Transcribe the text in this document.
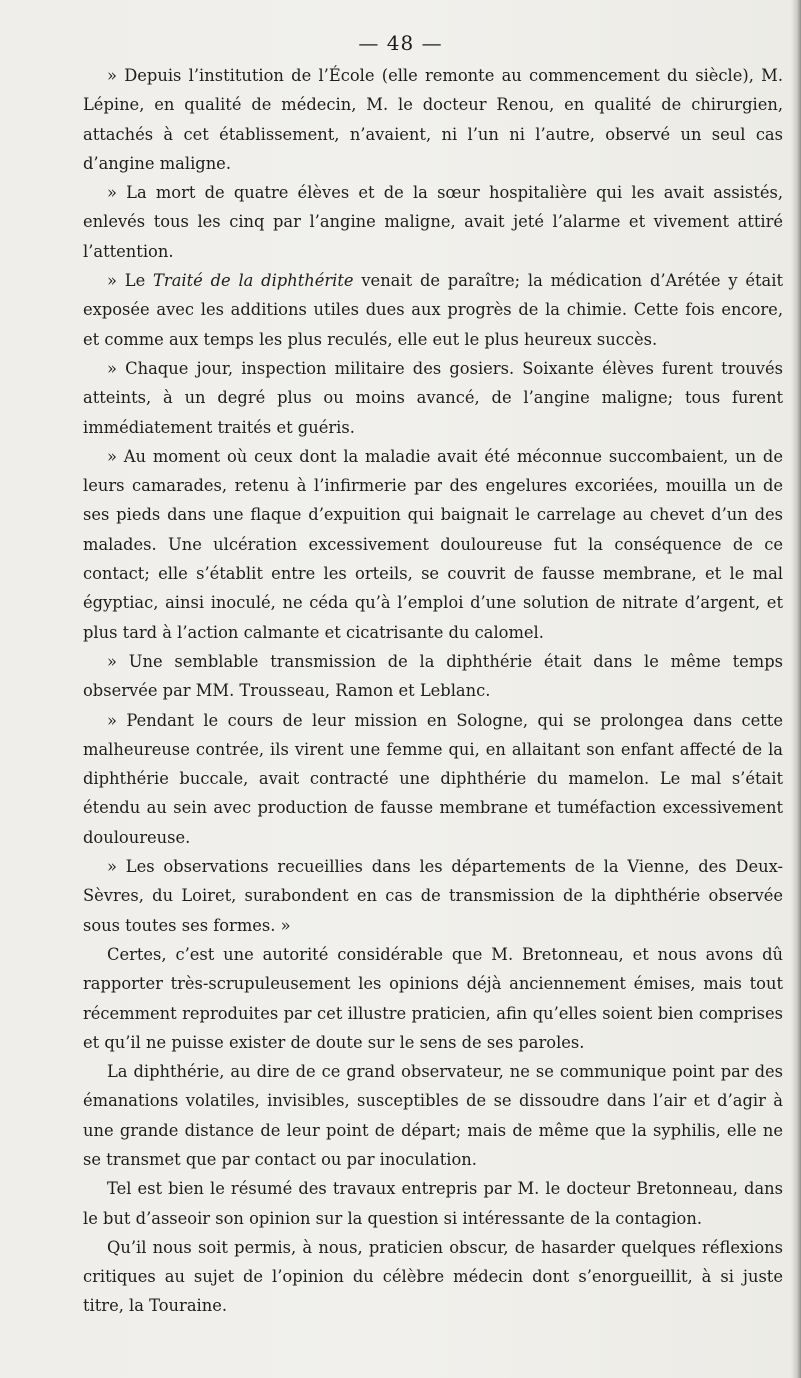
— 48 —

» Depuis l’institution de l’École (elle remonte au commencement du siècle), M. Lépine, en qualité de médecin, M. le docteur Renou, en qualité de chirurgien, attachés à cet établissement, n’avaient, ni l’un ni l’autre, observé un seul cas d’angine maligne.

» La mort de quatre élèves et de la sœur hospitalière qui les avait assistés, enlevés tous les cinq par l’angine maligne, avait jeté l’alarme et vivement attiré l’attention.

» Le Traité de la diphthérite venait de paraître; la médication d’Arétée y était exposée avec les additions utiles dues aux progrès de la chimie. Cette fois encore, et comme aux temps les plus reculés, elle eut le plus heureux succès.

» Chaque jour, inspection militaire des gosiers. Soixante élèves furent trouvés atteints, à un degré plus ou moins avancé, de l’angine maligne; tous furent immédiatement traités et guéris.

» Au moment où ceux dont la maladie avait été méconnue succombaient, un de leurs camarades, retenu à l’infirmerie par des engelures excoriées, mouilla un de ses pieds dans une flaque d’expuition qui baignait le carrelage au chevet d’un des malades. Une ulcération excessivement douloureuse fut la conséquence de ce contact; elle s’établit entre les orteils, se couvrit de fausse membrane, et le mal égyptiac, ainsi inoculé, ne céda qu’à l’emploi d’une solution de nitrate d’argent, et plus tard à l’action calmante et cicatrisante du calomel.

» Une semblable transmission de la diphthérie était dans le même temps observée par MM. Trousseau, Ramon et Leblanc.

» Pendant le cours de leur mission en Sologne, qui se prolongea dans cette malheureuse contrée, ils virent une femme qui, en allaitant son enfant affecté de la diphthérie buccale, avait contracté une diphthérie du mamelon. Le mal s’était étendu au sein avec production de fausse membrane et tuméfaction excessivement douloureuse.

» Les observations recueillies dans les départements de la Vienne, des Deux-Sèvres, du Loiret, surabondent en cas de transmission de la diphthérie observée sous toutes ses formes. »

Certes, c’est une autorité considérable que M. Bretonneau, et nous avons dû rapporter très-scrupuleusement les opinions déjà anciennement émises, mais tout récemment reproduites par cet illustre praticien, afin qu’elles soient bien comprises et qu’il ne puisse exister de doute sur le sens de ses paroles.

La diphthérie, au dire de ce grand observateur, ne se communique point par des émanations volatiles, invisibles, susceptibles de se dissoudre dans l’air et d’agir à une grande distance de leur point de départ; mais de même que la syphilis, elle ne se transmet que par contact ou par inoculation.

Tel est bien le résumé des travaux entrepris par M. le docteur Bretonneau, dans le but d’asseoir son opinion sur la question si intéressante de la contagion.

Qu’il nous soit permis, à nous, praticien obscur, de hasarder quelques réflexions critiques au sujet de l’opinion du célèbre médecin dont s’enorgueillit, à si juste titre, la Touraine.
